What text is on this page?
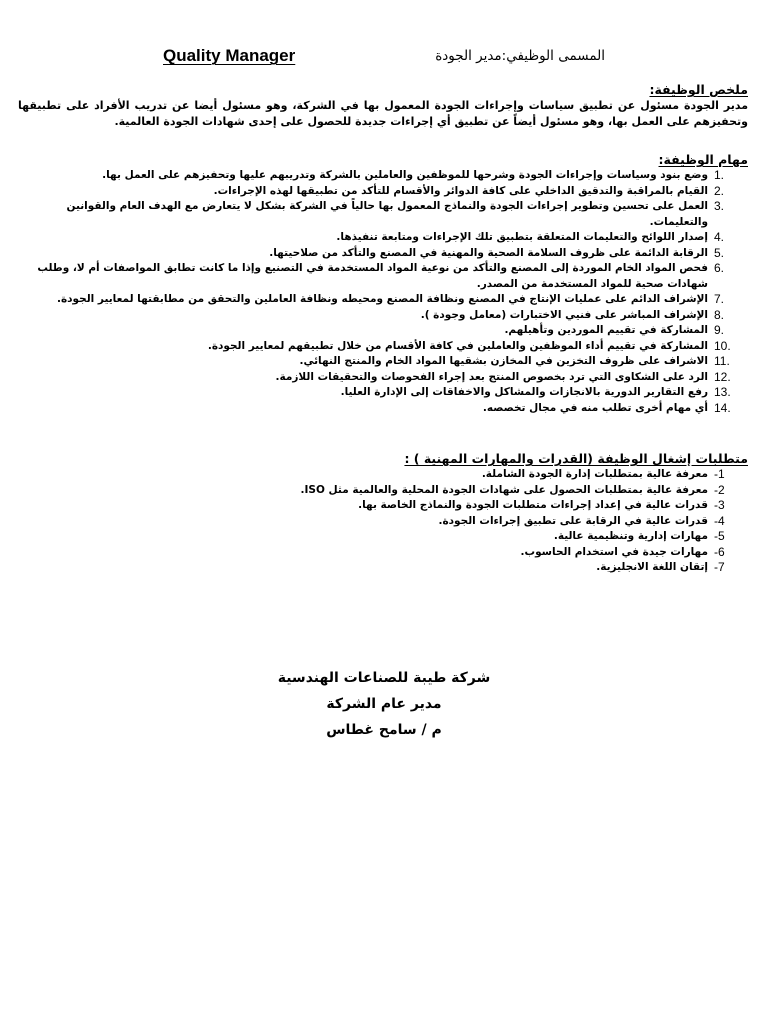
Quality Manager	المسمى الوظيفي:مدير الجودة

ملخص الوظيفة:

مدير الجودة مسئول عن تطبيق سياسات وإجراءات الجودة المعمول بها في الشركة، وهو مسئول أيضا عن تدريب الأفراد على تطبيقها وتحفيزهم على العمل بها، وهو مسئول أيضاً عن تطبيق أي إجراءات جديدة للحصول على إحدى شهادات الجودة العالمية.

مهام الوظيفة:

1.
وضع بنود وسياسات وإجراءات الجودة وشرحها للموظفين والعاملين بالشركة وتدريبهم عليها وتحفيزهم على العمل بها.
2.
القيام بالمراقبة والتدقيق الداخلي على كافة الدوائر والأقسام للتأكد من تطبيقها لهذه الإجراءات.
3.
العمل على تحسين وتطوير إجراءات الجودة والنماذج المعمول بها حالياً في الشركة بشكل لا يتعارض مع الهدف العام والقوانين والتعليمات.
4.
إصدار اللوائح والتعليمات المتعلقة بتطبيق تلك الإجراءات ومتابعة تنفيذها.
5.
الرقابة الدائمة على ظروف السلامة الصحية والمهنية في المصنع والتأكد من صلاحيتها.
6.
فحص المواد الخام الموردة إلى المصنع والتأكد من نوعية المواد المستخدمة في التصنيع وإذا ما كانت تطابق المواصفات أم لا، وطلب شهادات صحية للمواد المستخدمة من المصدر.
7.
الإشراف الدائم على عمليات الإنتاج في المصنع ونظافة المصنع ومحيطه ونظافة العاملين والتحقق من مطابقتها لمعايير الجودة.
8.
الإشراف المباشر على فنيي الاختبارات (معامل وجودة ).
9.
المشاركة في تقييم الموردين وتأهيلهم.
10.
المشاركة في تقييم أداء الموظفين والعاملين في كافة الأقسام من خلال تطبيقهم لمعايير الجودة.
11.
الاشراف على ظروف التخزين في المخازن بشقيها المواد الخام والمنتج النهائي.
12.
الرد على الشكاوى التي ترد بخصوص المنتج بعد إجراء الفحوصات والتحقيقات اللازمة.
13.
رفع التقارير الدورية بالانجازات والمشاكل والاخفاقات إلى الإدارة العليا.
14.
أي مهام أخرى تطلب منه في مجال تخصصه.

متطلبات إشغال الوظيفة (القدرات والمهارات المهنية ) :

-1
معرفة عالية بمتطلبات إدارة الجودة الشاملة.
-2
معرفة عالية بمتطلبات الحصول على شهادات الجودة المحلية والعالمية مثل ISO.
-3
قدرات عالية في إعداد إجراءات متطلبات الجودة والنماذج الخاصة بها.
-4
قدرات عالية في الرقابة على تطبيق إجراءات الجودة.
-5
مهارات إدارية وتنظيمية عالية.
-6
مهارات جيدة في استخدام الحاسوب.
-7
إتقان اللغة الانجليزية.
شركة طيبة للصناعات الهندسية
مدير عام الشركة
م / سامح غطاس
